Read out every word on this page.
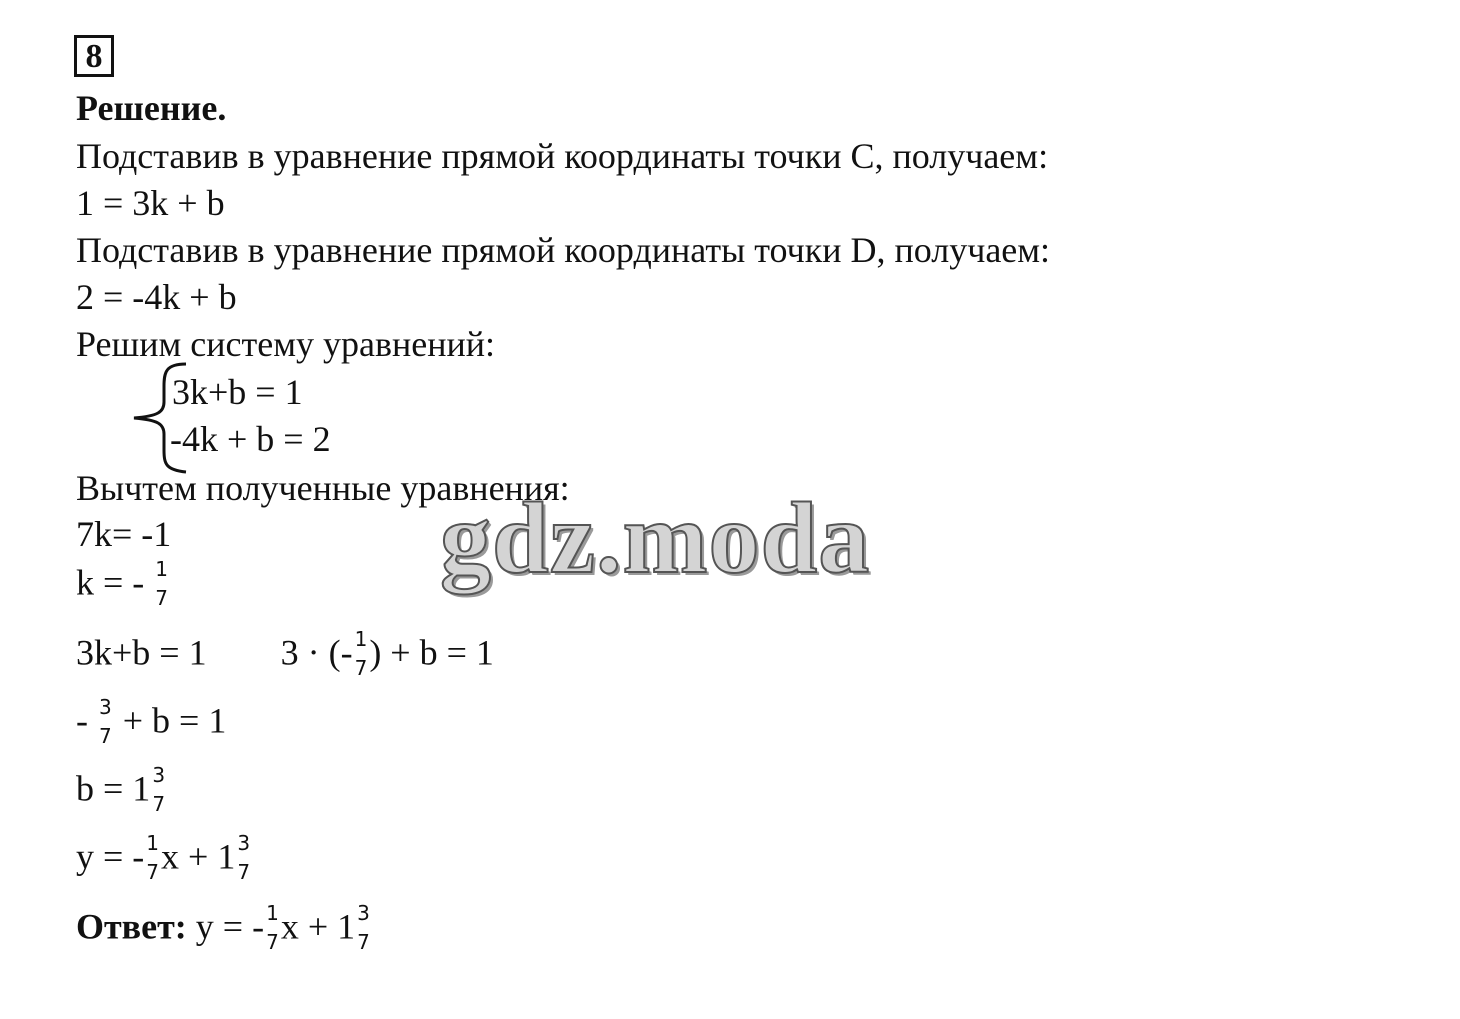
8
Решение.
Подставив в уравнение прямой координаты точки C, получаем:
1 = 3k + b
Подставив в уравнение прямой координаты точки D, получаем:
2 = -4k + b
Решим систему уравнений:
3k+b = 1
-4k + b = 2
Вычтем полученные уравнения:
7k= -1
k = - 1
7
3k+b = 1 3 · (- 1
7 ) + b = 1
- 3
7 + b = 1
b = 1 3
7
y = - 1
7 x + 1 3
7
Ответ: y = - 1
7 x + 1 3
7
gdz.moda
